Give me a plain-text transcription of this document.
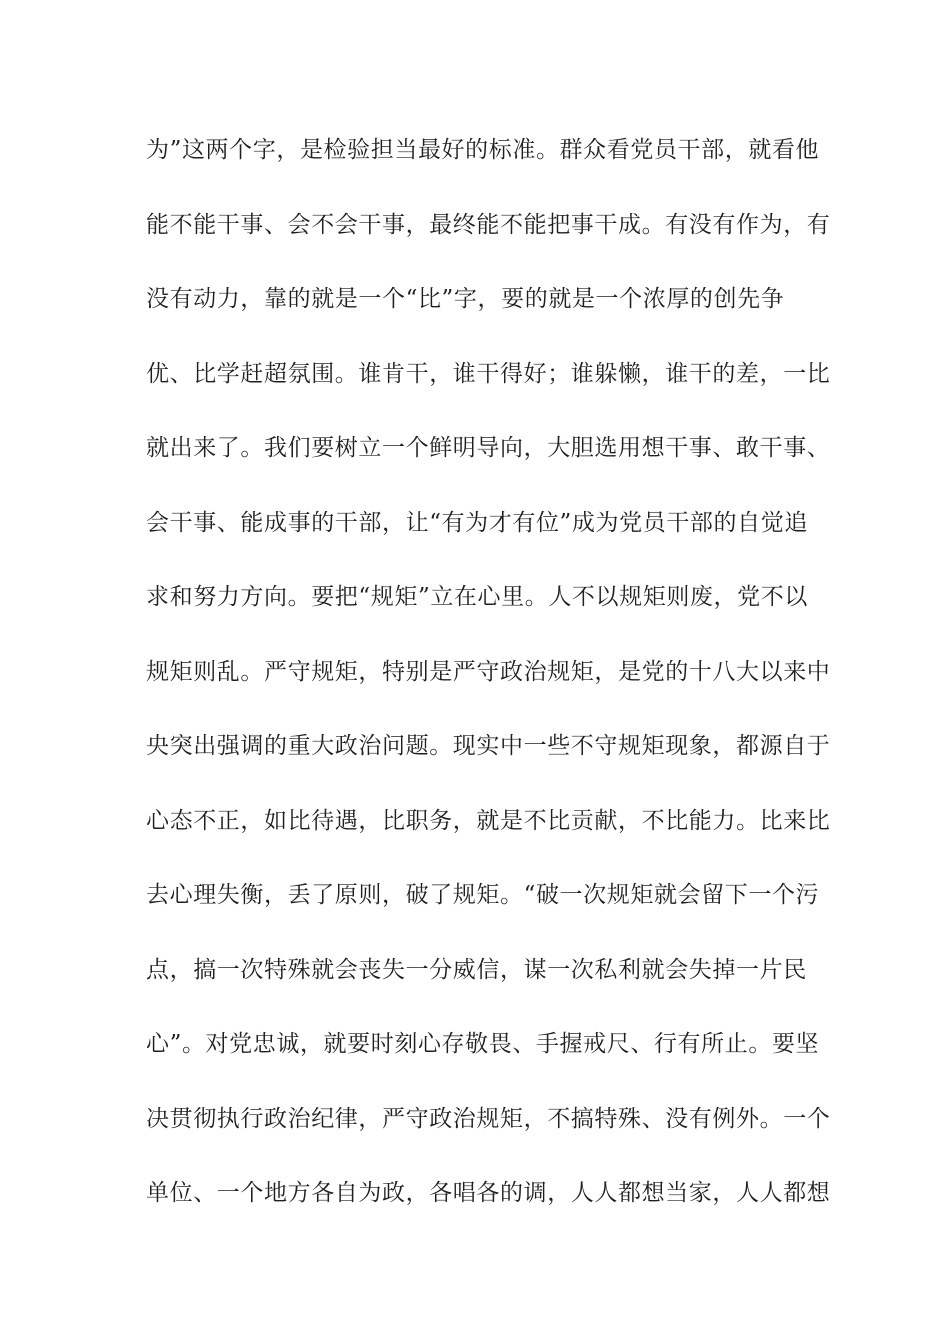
为”这两个字，是检验担当最好的标准。群众看党员干部，就看他
能不能干事、会不会干事，最终能不能把事干成。有没有作为，有
没有动力，靠的就是一个“比”字，要的就是一个浓厚的创先争
优、比学赶超氛围。谁肯干，谁干得好；谁躲懒，谁干的差，一比
就出来了。我们要树立一个鲜明导向，大胆选用想干事、敢干事、
会干事、能成事的干部，让“有为才有位”成为党员干部的自觉追
求和努力方向。要把“规矩”立在心里。人不以规矩则废，党不以
规矩则乱。严守规矩，特别是严守政治规矩，是党的十八大以来中
央突出强调的重大政治问题。现实中一些不守规矩现象，都源自于
心态不正，如比待遇，比职务，就是不比贡献，不比能力。比来比
去心理失衡，丢了原则，破了规矩。“破一次规矩就会留下一个污
点，搞一次特殊就会丧失一分威信，谋一次私利就会失掉一片民
心”。对党忠诚，就要时刻心存敬畏、手握戒尺、行有所止。要坚
决贯彻执行政治纪律，严守政治规矩，不搞特殊、没有例外。一个
单位、一个地方各自为政，各唱各的调，人人都想当家，人人都想
